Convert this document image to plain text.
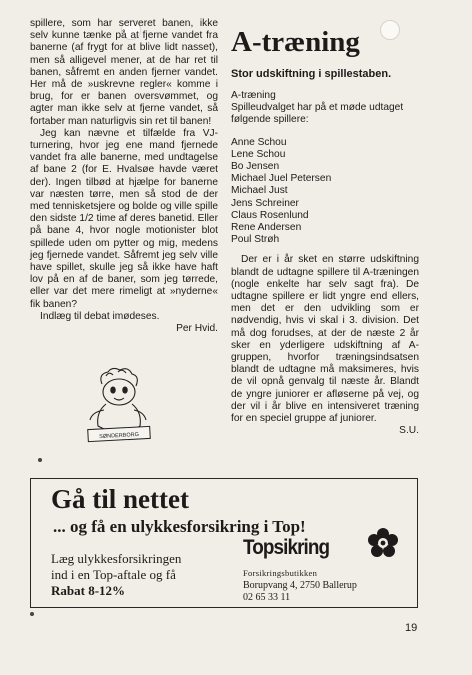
spillere, som har serveret banen, ikke selv kunne tænke på at fjerne vandet fra banerne (af frygt for at blive lidt nasset), men så alligevel mener, at de har ret til banen, såfremt en anden fjerner vandet. Her må de »uskrevne regler« komme i brug, for er banen oversvømmet, og agter man ikke selv at fjerne vandet, så fortaber man naturligvis sin ret til banen!

Jeg kan nævne et tilfælde fra VJ-turnering, hvor jeg ene mand fjernede vandet fra alle banerne, med undtagelse af bane 2 (for E. Hvalsøe havde været der). Ingen tilbød at hjælpe for banerne var næsten tørre, men så stod de der med tennisketsjere og bolde og ville spille den sidste 1/2 time af deres banetid. Eller på bane 4, hvor nogle motionister blot spillede uden om pytter og mig, medens jeg fjernede vandet. Såfremt jeg selv ville have spillet, skulle jeg så ikke have haft lov på en af de baner, som jeg tørrede, eller var det mere rimeligt at »nyderne« fik banen?

Indlæg til debat imødeses.

Per Hvid.
SØNDERBORG
A-træning
Stor udskiftning i spillestaben.
A-træning
Spilleudvalget har på et møde udtaget følgende spillere:
Anne Schou
Lene Schou
Bo Jensen
Michael Juel Petersen
Michael Just
Jens Schreiner
Claus Rosenlund
Rene Andersen
Poul Strøh
Der er i år sket en større udskiftning blandt de udtagne spillere til A-træningen (nogle enkelte har selv sagt fra). De udtagne spillere er lidt yngre end ellers, men det er den udvikling som er nødvendig, hvis vi skal i 3. division. Det må dog forudses, at der de næste 2 år sker en yderligere udskiftning af A-gruppen, hvorfor træningsindsatsen blandt de udtagne må maksimeres, hvis de vil opnå genvalg til næste år. Blandt de yngre juniorer er afløserne på vej, og der vil i år blive en intensiveret træning for en speciel gruppe af juniorer.
S.U.
Gå til nettet
... og få en ulykkesforsikring i Top!
Læg ulykkesforsikringen
ind i en Top-aftale og få
Rabat 8-12%
Topsikring
Forsikringsbutikken
Borupvang 4, 2750 Ballerup
02 65 33 11
19
